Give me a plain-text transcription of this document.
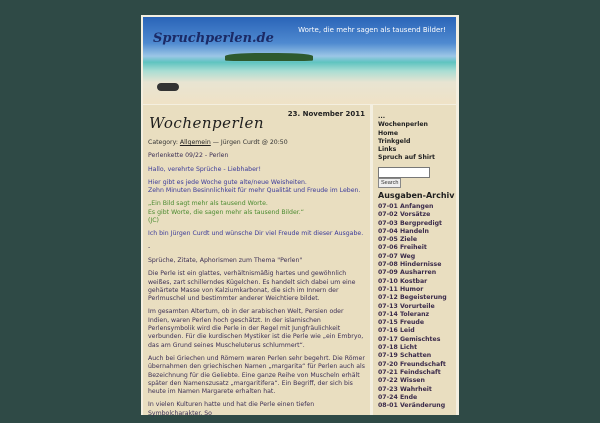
Spruchperlen.de
Worte, die mehr sagen als tausend Bilder!
23. November 2011
Wochenperlen

Category: Allgemein — Jürgen Curdt @ 20:50

Perlenkette 09/22 - Perlen

Hallo, verehrte Sprüche - Liebhaber!

Hier gibt es jede Woche gute alte/neue Weisheiten.
Zehn Minuten Besinnlichkeit für mehr Qualität und Freude im Leben.

„Ein Bild sagt mehr als tausend Worte.
Es gibt Worte, die sagen mehr als tausend Bilder.“
(JC)

Ich bin Jürgen Curdt und wünsche Dir viel Freude mit dieser Ausgabe.

-

Sprüche, Zitate, Aphorismen zum Thema "Perlen"

Die Perle ist ein glattes, verhältnismäßig hartes und gewöhnlich weißes, zart schillerndes Kügelchen. Es handelt sich dabei um eine gehärtete Masse von Kalziumkarbonat, die sich im Innern der Perlmuschel und bestimmter anderer Weichtiere bildet.

Im gesamten Altertum, ob in der arabischen Welt, Persien oder Indien, waren Perlen hoch geschätzt. In der islamischen Perlensymbolik wird die Perle in der Regel mit Jungfräulichkeit verbunden. Für die kurdischen Mystiker ist die Perle wie „ein Embryo, das am Grund seines Muscheluterus schlummert“.

Auch bei Griechen und Römern waren Perlen sehr begehrt. Die Römer übernahmen den griechischen Namen „margarita“ für Perlen auch als Bezeichnung für die Geliebte. Eine ganze Reihe von Muscheln erhält später den Namenszusatz „margaritifera“. Ein Begriff, der sich bis heute im Namen Margarete erhalten hat.

In vielen Kulturen hatte und hat die Perle einen tiefen Symbolcharakter. So

...
Wochenperlen
Home
Trinkgeld
Links
Spruch auf Shirt
Search
Ausgaben-Archiv
07-01 Anfangen
07-02 Vorsätze
07-03 Bergpredigt
07-04 Handeln
07-05 Ziele
07-06 Freiheit
07-07 Weg
07-08 Hindernisse
07-09 Ausharren
07-10 Kostbar
07-11 Humor
07-12 Begeisterung
07-13 Vorurteile
07-14 Toleranz
07-15 Freude
07-16 Leid
07-17 Gemischtes
07-18 Licht
07-19 Schatten
07-20 Freundschaft
07-21 Feindschaft
07-22 Wissen
07-23 Wahrheit
07-24 Ende
08-01 Veränderung
